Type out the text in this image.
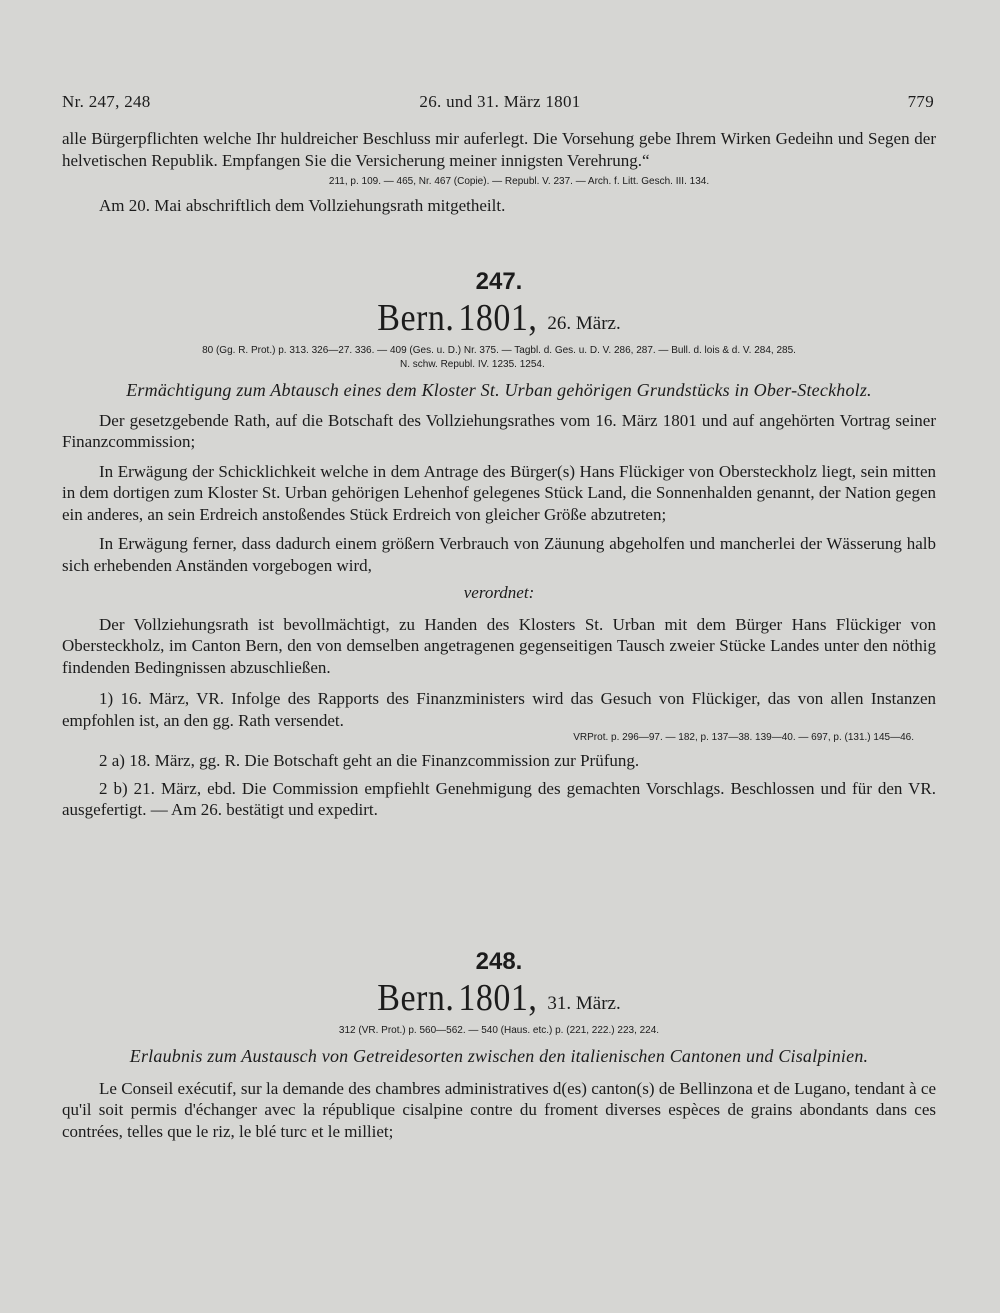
Nr. 247, 248	26. und 31. März 1801	779

alle Bürgerpflichten welche Ihr huldreicher Beschluss mir auferlegt. Die Vorsehung gebe Ihrem Wirken Gedeihn und Segen der helvetischen Republik. Empfangen Sie die Versicherung meiner innigsten Verehrung.“

211, p. 109. — 465, Nr. 467 (Copie). — Republ. V. 237. — Arch. f. Litt. Gesch. III. 134.

Am 20. Mai abschriftlich dem Vollziehungsrath mitgetheilt.

247.
Bern. 1801, 26. März.

80 (Gg. R. Prot.) p. 313. 326—27. 336. — 409 (Ges. u. D.) Nr. 375. — Tagbl. d. Ges. u. D. V. 286, 287. — Bull. d. lois & d. V. 284, 285.

N. schw. Republ. IV. 1235. 1254.

Ermächtigung zum Abtausch eines dem Kloster St. Urban gehörigen Grundstücks in Ober-Steckholz.

Der gesetzgebende Rath, auf die Botschaft des Vollziehungsrathes vom 16. März 1801 und auf angehörten Vortrag seiner Finanzcommission;

In Erwägung der Schicklichkeit welche in dem Antrage des Bürger(s) Hans Flückiger von Obersteckholz liegt, sein mitten in dem dortigen zum Kloster St. Urban gehörigen Lehenhof gelegenes Stück Land, die Sonnenhalden genannt, der Nation gegen ein anderes, an sein Erdreich anstoßendes Stück Erdreich von gleicher Größe abzutreten;

In Erwägung ferner, dass dadurch einem größern Verbrauch von Zäunung abgeholfen und mancherlei der Wässerung halb sich erhebenden Anständen vorgebogen wird,

verordnet:

Der Vollziehungsrath ist bevollmächtigt, zu Handen des Klosters St. Urban mit dem Bürger Hans Flückiger von Obersteckholz, im Canton Bern, den von demselben angetragenen gegenseitigen Tausch zweier Stücke Landes unter den nöthig findenden Bedingnissen abzuschließen.

1) 16. März, VR. Infolge des Rapports des Finanzministers wird das Gesuch von Flückiger, das von allen Instanzen empfohlen ist, an den gg. Rath versendet.

VRProt. p. 296—97. — 182, p. 137—38. 139—40. — 697, p. (131.) 145—46.

2 a) 18. März, gg. R. Die Botschaft geht an die Finanzcommission zur Prüfung.

2 b) 21. März, ebd. Die Commission empfiehlt Genehmigung des gemachten Vorschlags. Beschlossen und für den VR. ausgefertigt. — Am 26. bestätigt und expedirt.

248.
Bern. 1801, 31. März.

312 (VR. Prot.) p. 560—562. — 540 (Haus. etc.) p. (221, 222.) 223, 224.

Erlaubnis zum Austausch von Getreidesorten zwischen den italienischen Cantonen und Cisalpinien.

Le Conseil exécutif, sur la demande des chambres administratives d(es) canton(s) de Bellinzona et de Lugano, tendant à ce qu'il soit permis d'échanger avec la république cisalpine contre du froment diverses espèces de grains abondants dans ces contrées, telles que le riz, le blé turc et le milliet;
